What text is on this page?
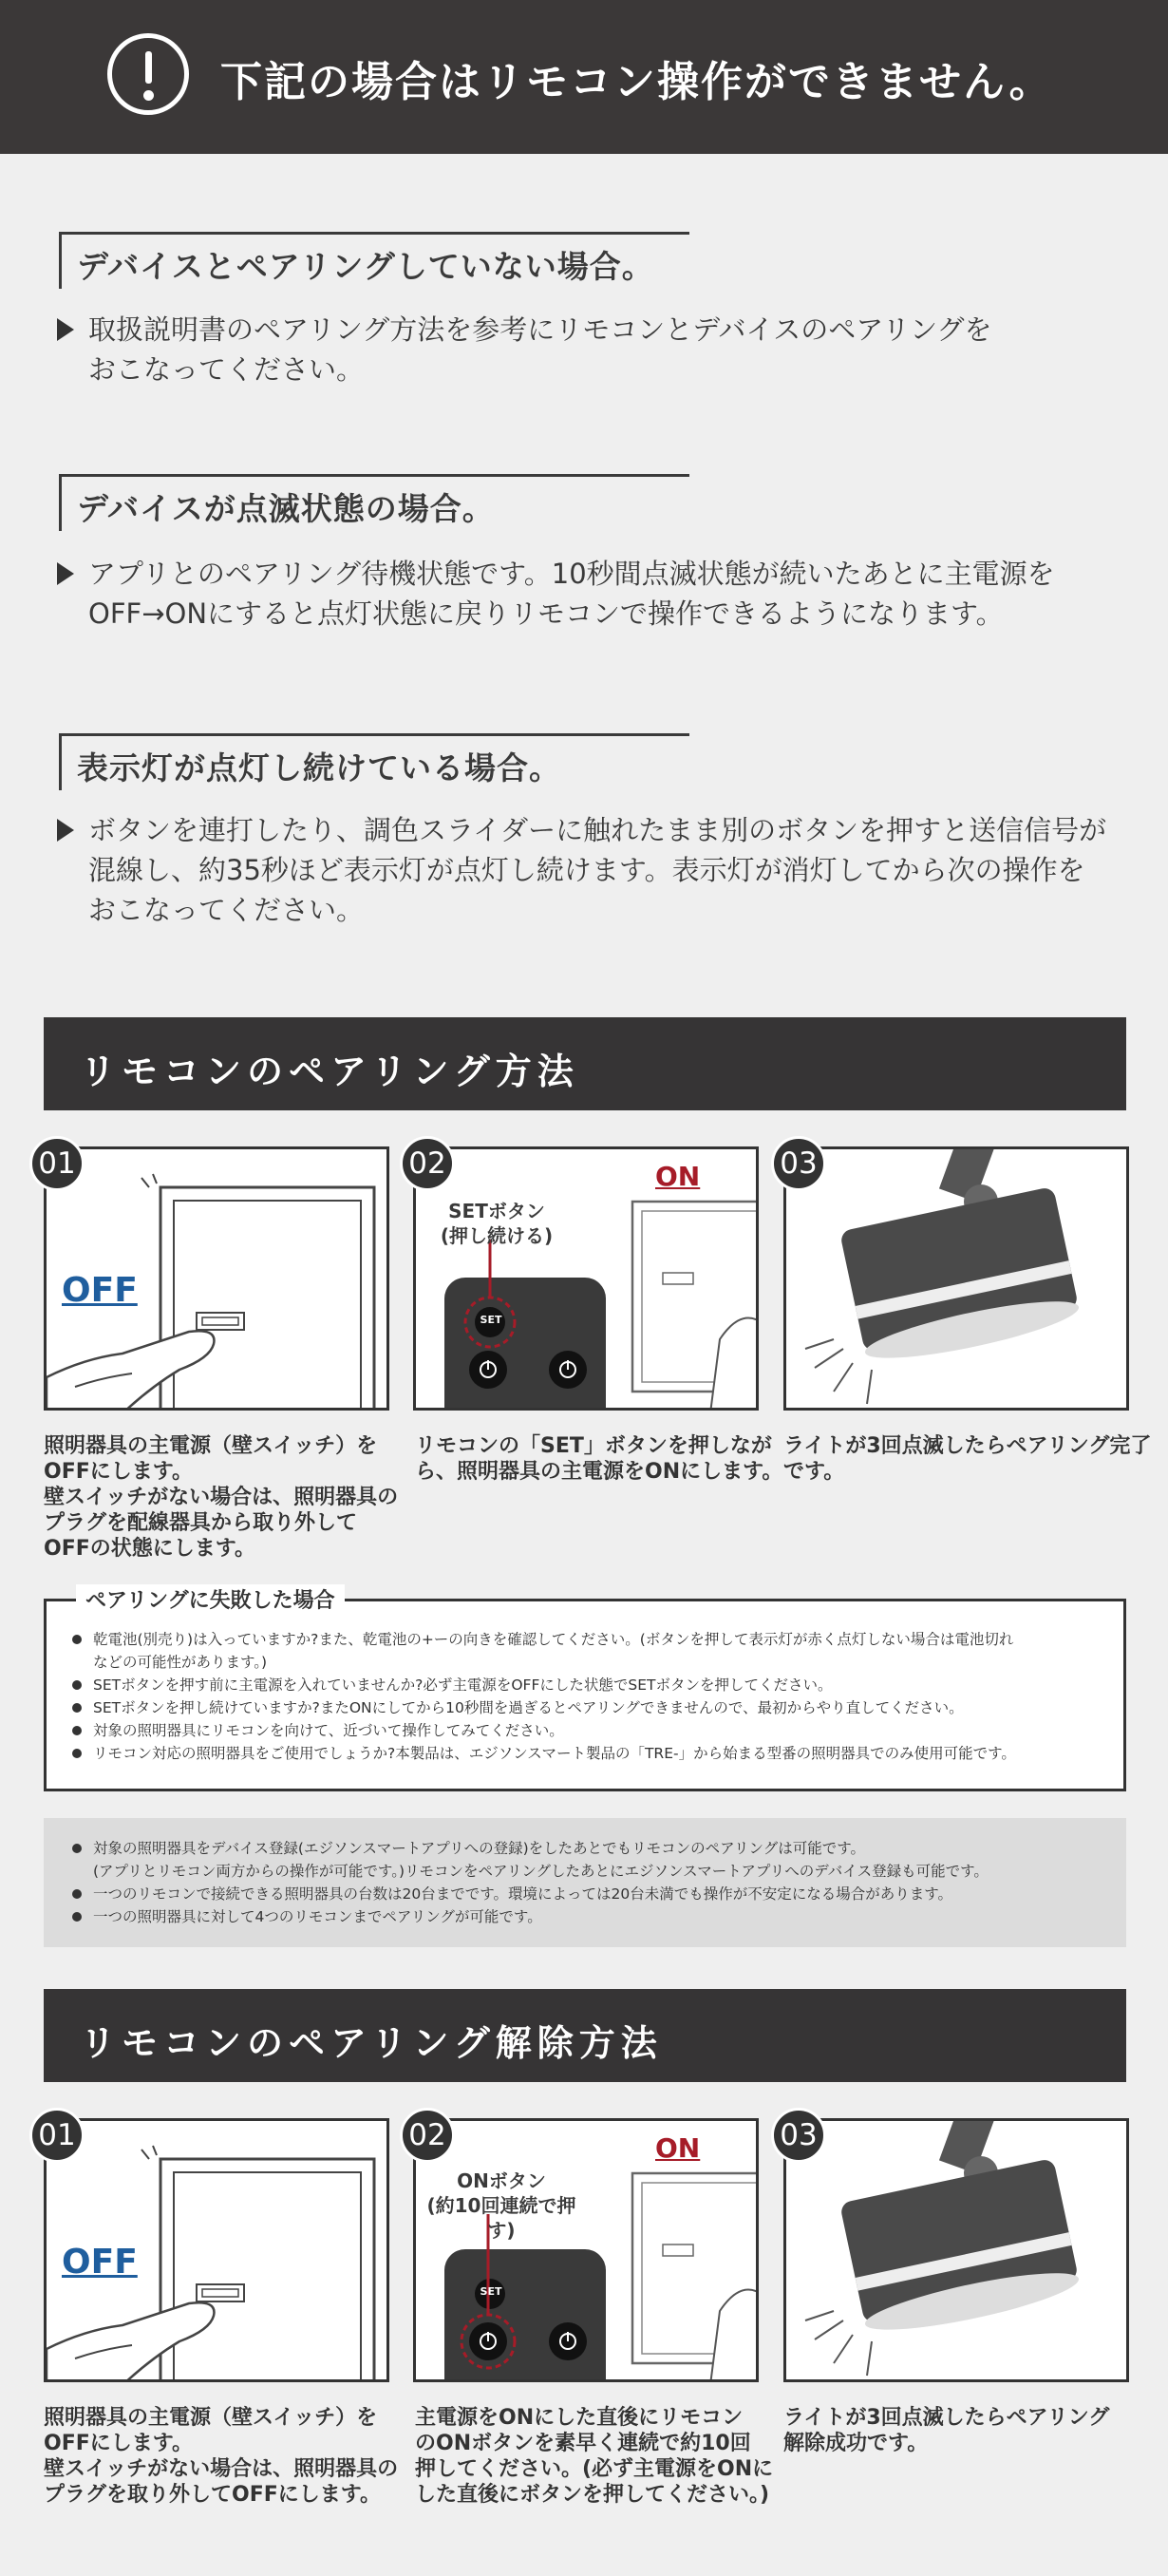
下記の場合はリモコン操作ができません。
デバイスとペアリングしていない場合。
取扱説明書のペアリング方法を参考にリモコンとデバイスのペアリングを
おこなってください。
デバイスが点滅状態の場合。
アプリとのペアリング待機状態です。10秒間点滅状態が続いたあとに主電源を
OFF→ONにすると点灯状態に戻りリモコンで操作できるようになります。
表示灯が点灯し続けている場合。
ボタンを連打したり、調色スライダーに触れたまま別のボタンを押すと送信信号が
混線し、約35秒ほど表示灯が点灯し続けます。表示灯が消灯してから次の操作を
おこなってください。
リモコンのペアリング方法
01
OFF
照明器具の主電源（壁スイッチ）を
OFFにします。
壁スイッチがない場合は、照明器具の
プラグを配線器具から取り外して
OFFの状態にします。
02
SET
SETボタン
(押し続ける)
ON
リモコンの「SET」ボタンを押しなが
ら、照明器具の主電源をONにします。
03
ライトが3回点滅したらペアリング完了
です。
ペアリングに失敗した場合
乾電池(別売り)は入っていますか?また、乾電池の+ーの向きを確認してください。(ボタンを押して表示灯が赤く点灯しない場合は電池切れ
などの可能性があります。)
SETボタンを押す前に主電源を入れていませんか?必ず主電源をOFFにした状態でSETボタンを押してください。
SETボタンを押し続けていますか?またONにしてから10秒間を過ぎるとペアリングできませんので、最初からやり直してください。
対象の照明器具にリモコンを向けて、近づいて操作してみてください。
リモコン対応の照明器具をご使用でしょうか?本製品は、エジソンスマート製品の「TRE-」から始まる型番の照明器具でのみ使用可能です。
対象の照明器具をデバイス登録(エジソンスマートアプリへの登録)をしたあとでもリモコンのペアリングは可能です。
(アプリとリモコン両方からの操作が可能です。)リモコンをペアリングしたあとにエジソンスマートアプリへのデバイス登録も可能です。
一つのリモコンで接続できる照明器具の台数は20台までです。環境によっては20台未満でも操作が不安定になる場合があります。
一つの照明器具に対して4つのリモコンまでペアリングが可能です。
リモコンのペアリング解除方法
01
OFF
照明器具の主電源（壁スイッチ）を
OFFにします。
壁スイッチがない場合は、照明器具の
プラグを取り外してOFFにします。
02
SET
ONボタン
(約10回連続で押す)
ON
主電源をONにした直後にリモコン
のONボタンを素早く連続で約10回
押してください。(必ず主電源をONに
した直後にボタンを押してください。)
03
ライトが3回点滅したらペアリング
解除成功です。
